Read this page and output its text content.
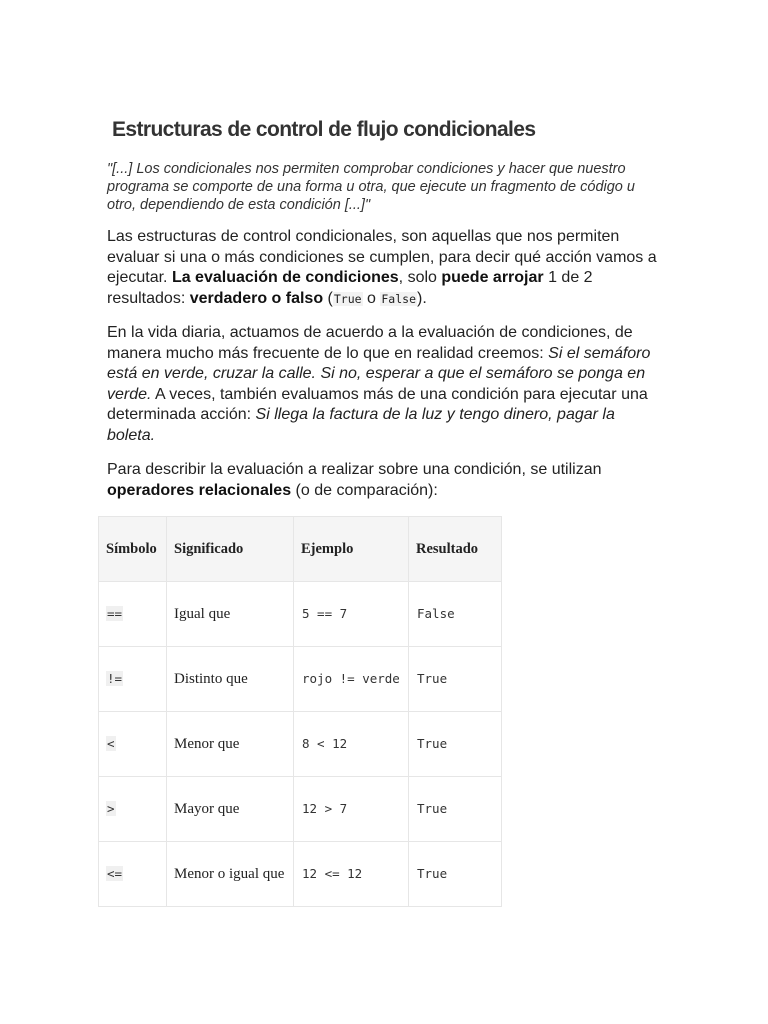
Estructuras de control de flujo condicionales

"[...] Los condicionales nos permiten comprobar condiciones y hacer que nuestro programa se comporte de una forma u otra, que ejecute un fragmento de código u otro, dependiendo de esta condición [...]"

Las estructuras de control condicionales, son aquellas que nos permiten evaluar si una o más condiciones se cumplen, para decir qué acción vamos a ejecutar. La evaluación de condiciones, solo puede arrojar 1 de 2 resultados: verdadero o falso (True o False).

En la vida diaria, actuamos de acuerdo a la evaluación de condiciones, de manera mucho más frecuente de lo que en realidad creemos: Si el semáforo está en verde, cruzar la calle. Si no, esperar a que el semáforo se ponga en verde. A veces, también evaluamos más de una condición para ejecutar una determinada acción: Si llega la factura de la luz y tengo dinero, pagar la boleta.

Para describir la evaluación a realizar sobre una condición, se utilizan operadores relacionales (o de comparación):

Símbolo	Significado	Ejemplo	Resultado
==	Igual que	5 == 7	False
!=	Distinto que	rojo != verde	True
<	Menor que	8 < 12	True
>	Mayor que	12 > 7	True
<=	Menor o igual que	12 <= 12	True
